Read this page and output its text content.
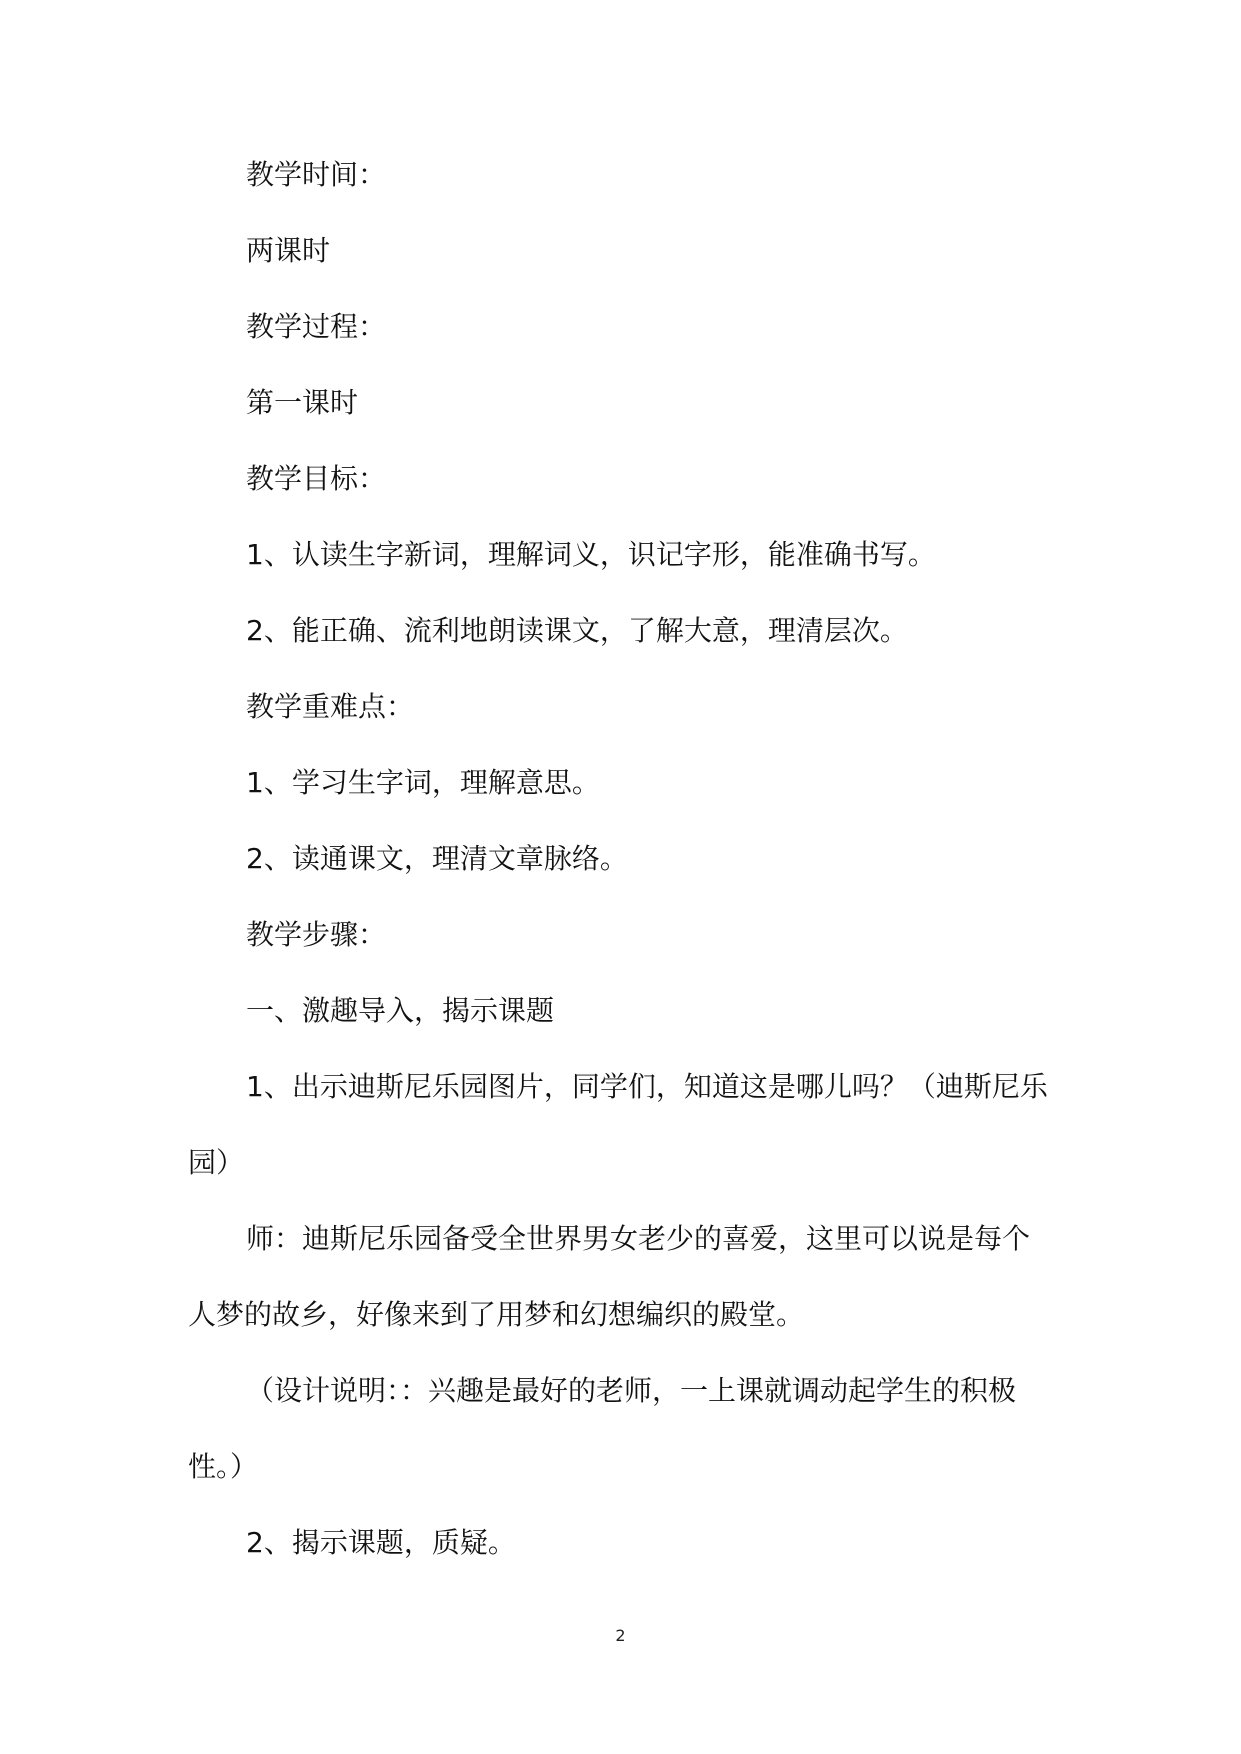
教学时间：

两课时

教学过程：

第一课时

教学目标：

1、认读生字新词，理解词义，识记字形，能准确书写。

2、能正确、流利地朗读课文，了解大意，理清层次。

教学重难点：

1、学习生字词，理解意思。

2、读通课文，理清文章脉络。

教学步骤：

一、激趣导入，揭示课题

1、出示迪斯尼乐园图片，同学们，知道这是哪儿吗？（迪斯尼乐园）

师：迪斯尼乐园备受全世界男女老少的喜爱，这里可以说是每个人梦的故乡，好像来到了用梦和幻想编织的殿堂。

（设计说明：：兴趣是最好的老师，一上课就调动起学生的积极性。）

2、揭示课题，质疑。

2
